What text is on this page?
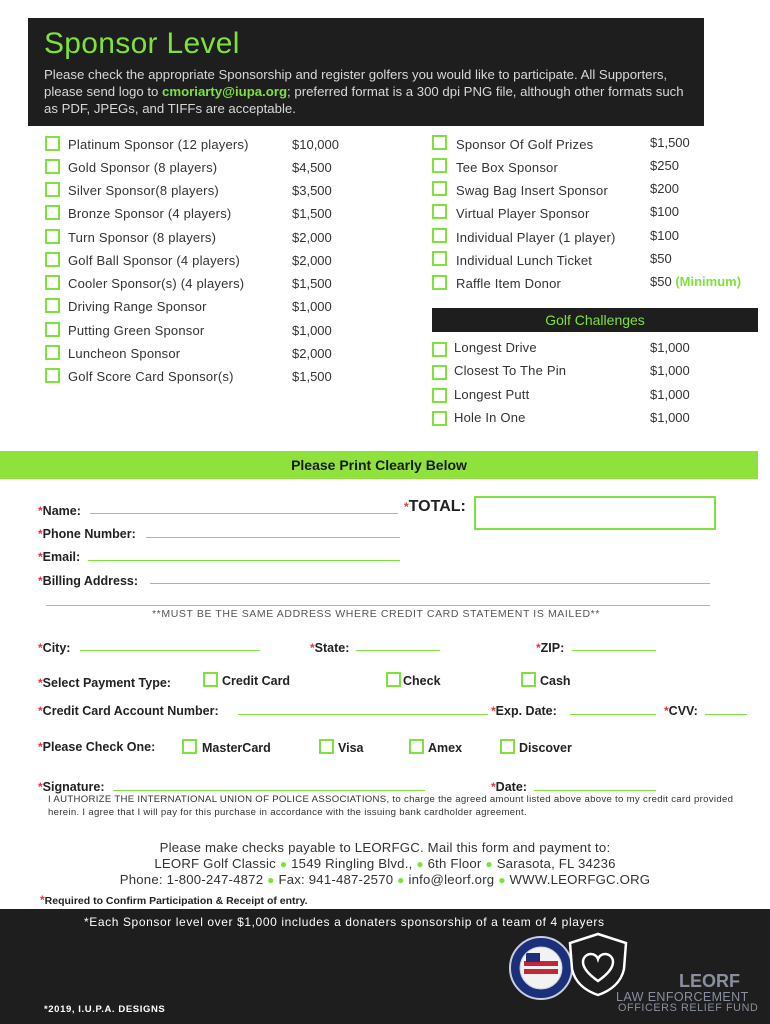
Sponsor Level
Please check the appropriate Sponsorship and register golfers you would like to participate. All Supporters, please send logo to cmoriarty@iupa.org; preferred format is a 300 dpi PNG file, although other formats such as PDF, JPEGs, and TIFFs are acceptable.
Platinum Sponsor (12 players)	$10,000
Gold Sponsor (8 players)	$4,500
Silver Sponsor(8 players)	$3,500
Bronze Sponsor (4 players)	$1,500
Turn Sponsor (8 players)	$2,000
Golf Ball Sponsor (4 players)	$2,000
Cooler Sponsor(s) (4 players)	$1,500
Driving Range Sponsor	$1,000
Putting Green Sponsor	$1,000
Luncheon Sponsor	$2,000
Golf Score Card Sponsor(s)	$1,500
Sponsor Of Golf Prizes	$1,500
Tee Box Sponsor	$250
Swag Bag Insert Sponsor	$200
Virtual Player Sponsor	$100
Individual Player (1 player)	$100
Individual Lunch Ticket	$50
Raffle Item Donor	$50 (Minimum)
Golf Challenges
Longest Drive	$1,000
Closest To The Pin	$1,000
Longest Putt	$1,000
Hole In One	$1,000
Please Print Clearly Below
*Name:	*TOTAL:
*Phone Number:
*Email:
*Billing Address:
**MUST BE THE SAME ADDRESS WHERE CREDIT CARD STATEMENT IS MAILED**
*City:	*State:	*ZIP:
*Select Payment Type:	Credit Card	Check	Cash
*Credit Card Account Number:	*Exp. Date:	*CVV:
*Please Check One:	MasterCard	Visa	Amex	Discover
*Signature:	*Date:
I AUTHORIZE THE INTERNATIONAL UNION OF POLICE ASSOCIATIONS, to charge the agreed amount listed above above to my credit card provided herein. I agree that I will pay for this purchase in accordance with the issuing bank cardholder agreement.
Please make checks payable to LEORFGC. Mail this form and payment to:
LEORF Golf Classic ● 1549 Ringling Blvd., ● 6th Floor ● Sarasota, FL 34236
Phone: 1-800-247-4872 ● Fax: 941-487-2570 ● info@leorf.org ● WWW.LEORFGC.ORG
*Required to Confirm Participation & Receipt of entry.
*Each Sponsor level over $1,000 includes a donaters sponsorship of a team of 4 players
LEORF
LAW ENFORCEMENT
OFFICERS RELIEF FUND
*2019, I.U.P.A. DESIGNS
